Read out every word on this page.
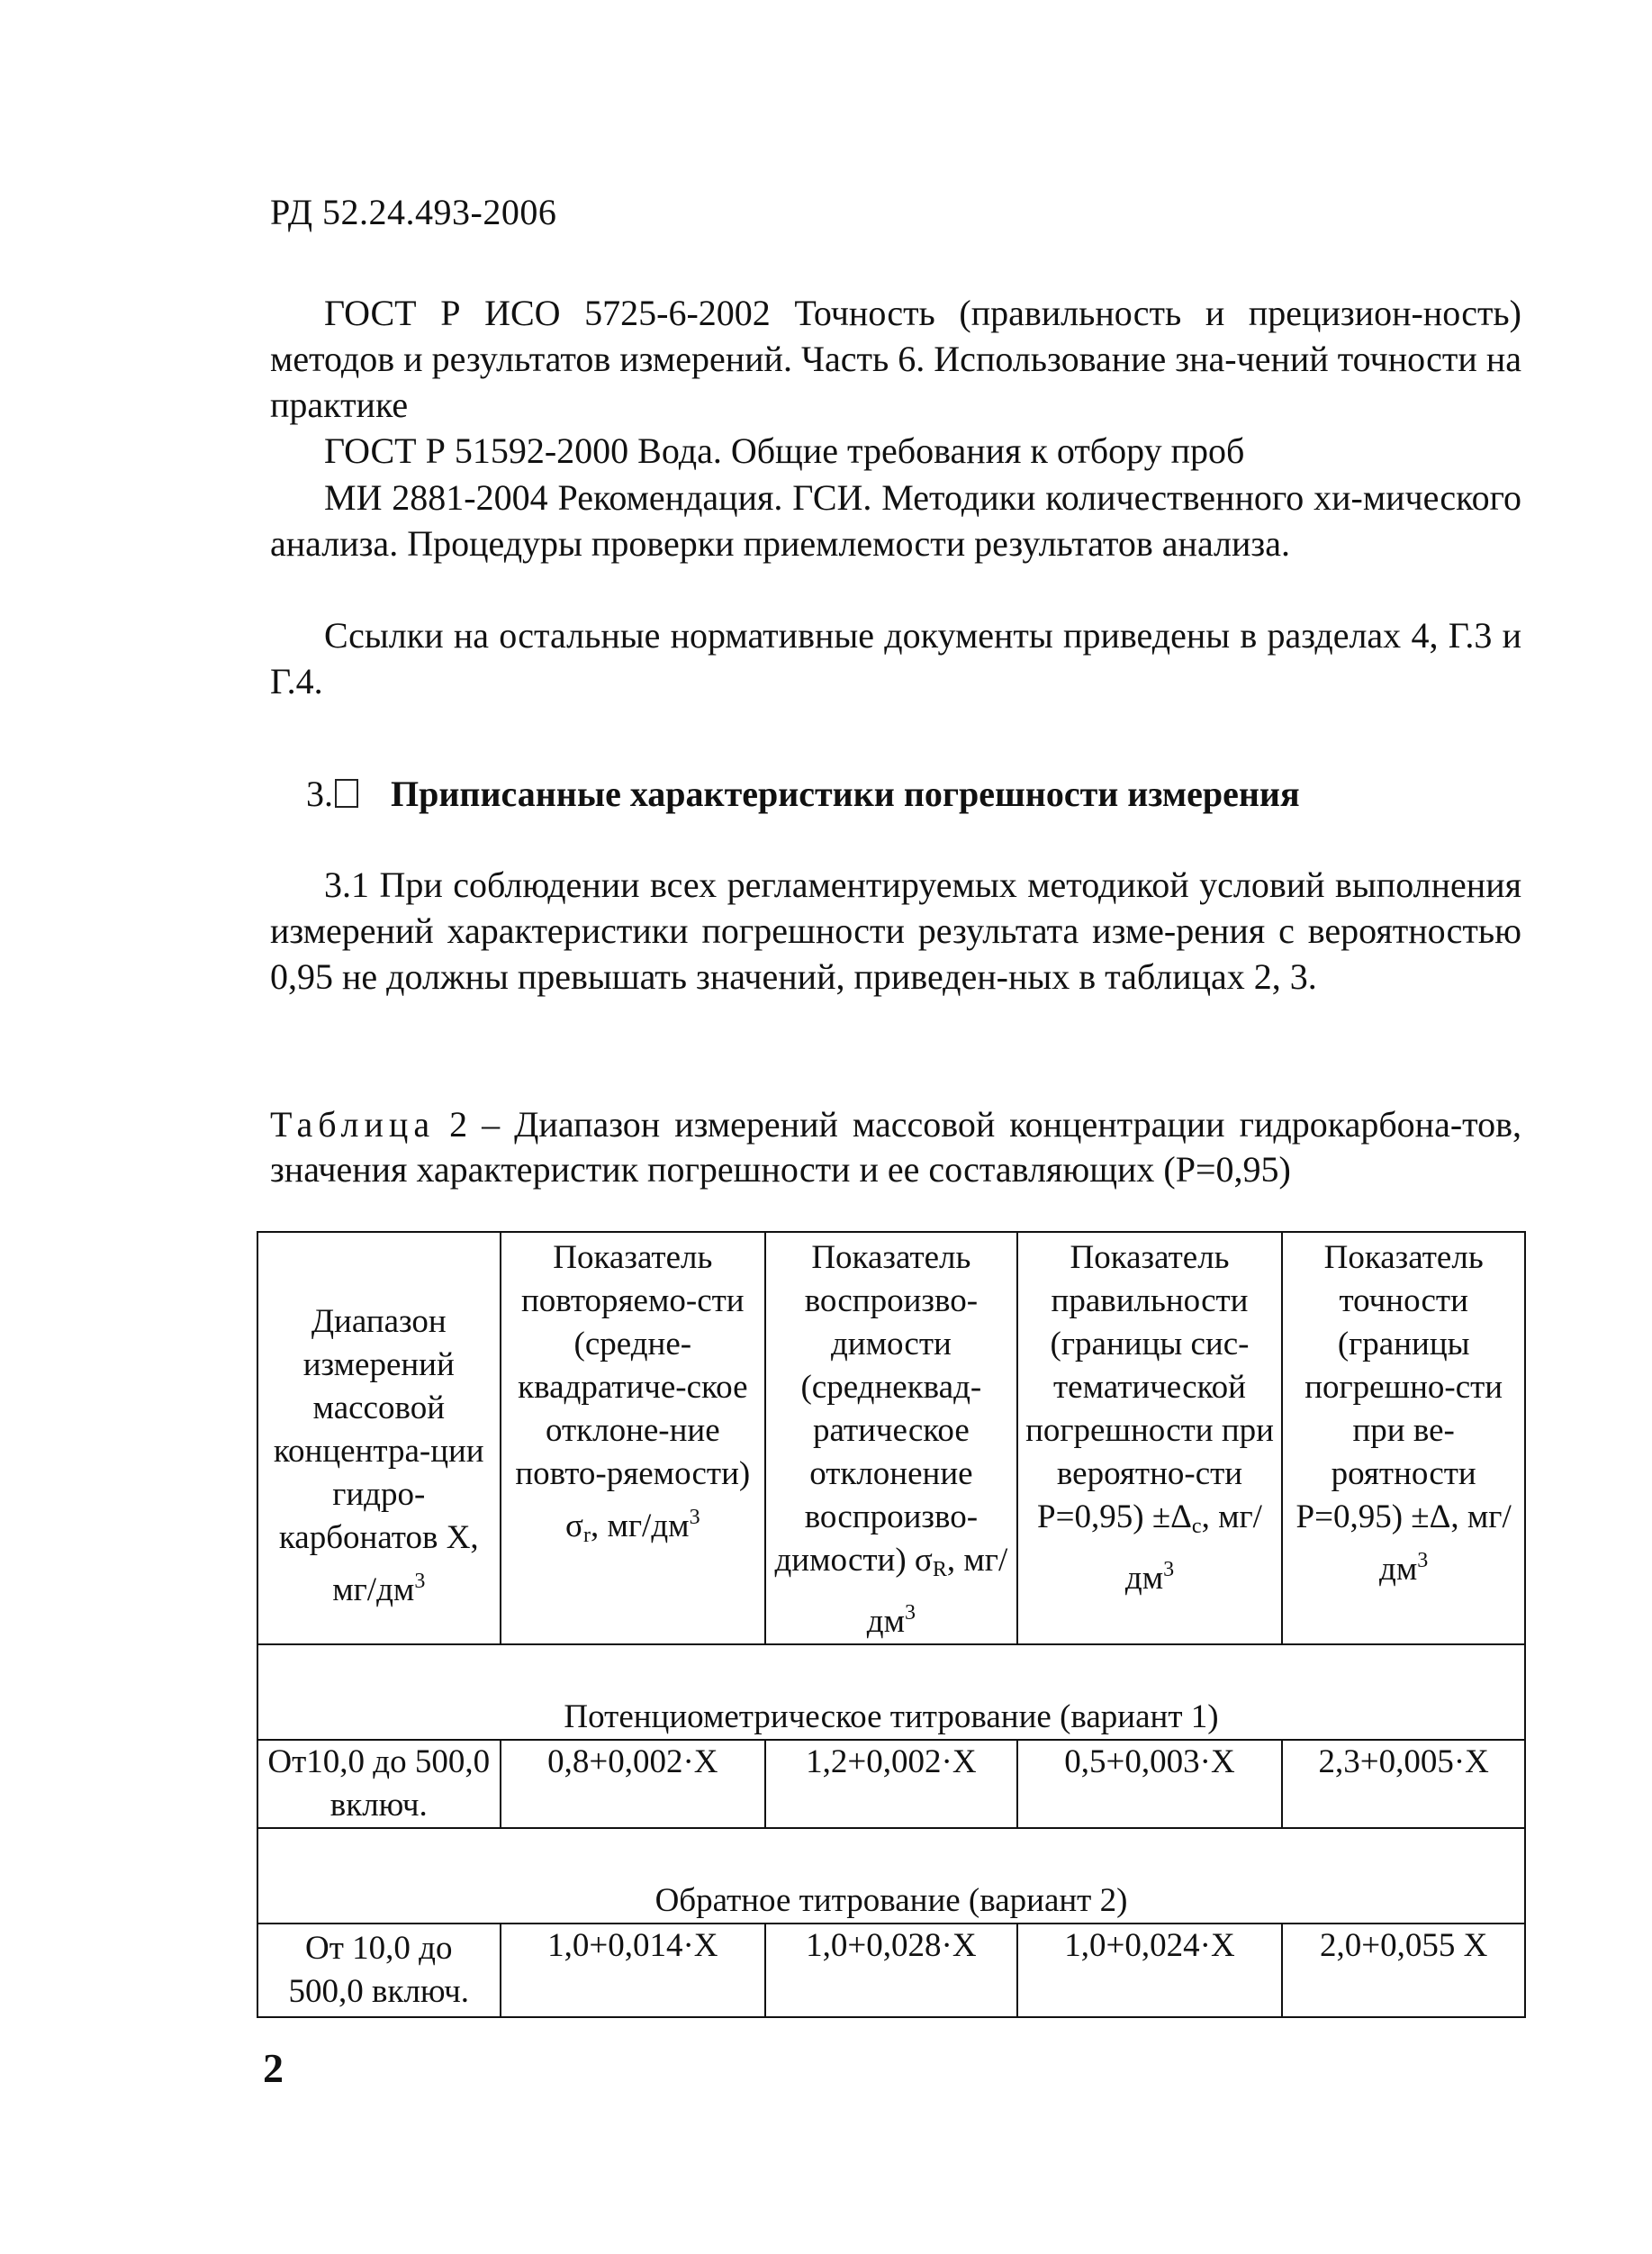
РД 52.24.493-2006
ГОСТ Р ИСО 5725-6-2002 Точность (правильность и прецизион-ность) методов и результатов измерений. Часть 6. Использование зна-чений точности на практике
ГОСТ Р 51592-2000 Вода. Общие требования к отбору проб
МИ 2881-2004 Рекомендация. ГСИ. Методики количественного хи-мического анализа. Процедуры проверки приемлемости результатов анализа.
Ссылки на остальные нормативные документы приведены в разделах 4, Г.3 и Г.4.
3. Приписанные характеристики погрешности измерения
3.1 При соблюдении всех регламентируемых методикой условий выполнения измерений характеристики погрешности результата изме-рения с вероятностью 0,95 не должны превышать значений, приведен-ных в таблицах 2, 3.
Таблица 2 – Диапазон измерений массовой концентрации гидрокарбона-тов, значения характеристик погрешности и ее составляющих (P=0,95)
Диапазон измерений массовой концентра-ции гидро-карбонатов X, $мг/дм^3$	Показатель повторяемо-сти (средне-квадратиче-ское отклоне-ние повто-ряемости) $\sigma_r$, $мг/дм^3$	Показатель воспроизво-димости (среднеквад-ратическое отклонение воспроизво-димости) $\sigma_R$, $мг/дм^3$	Показатель правильности (границы сис-тематической погрешности при вероятно-сти $P=0,95) \pm\Delta_c$, $мг/дм^3$	Показатель точности (границы погрешно-сти при ве-роятности P=0,95) ±Δ, $мг/дм^3$
Потенциометрическое титрование (вариант 1)				
От10,0 до 500,0 включ.	0,8+0,002·X	1,2+0,002·X	0,5+0,003·X	2,3+0,005·X
Обратное титрование (вариант 2)				
От 10,0 до 500,0 включ.	1,0+0,014·X	1,0+0,028·X	1,0+0,024·X	2,0+0,055 X
2
